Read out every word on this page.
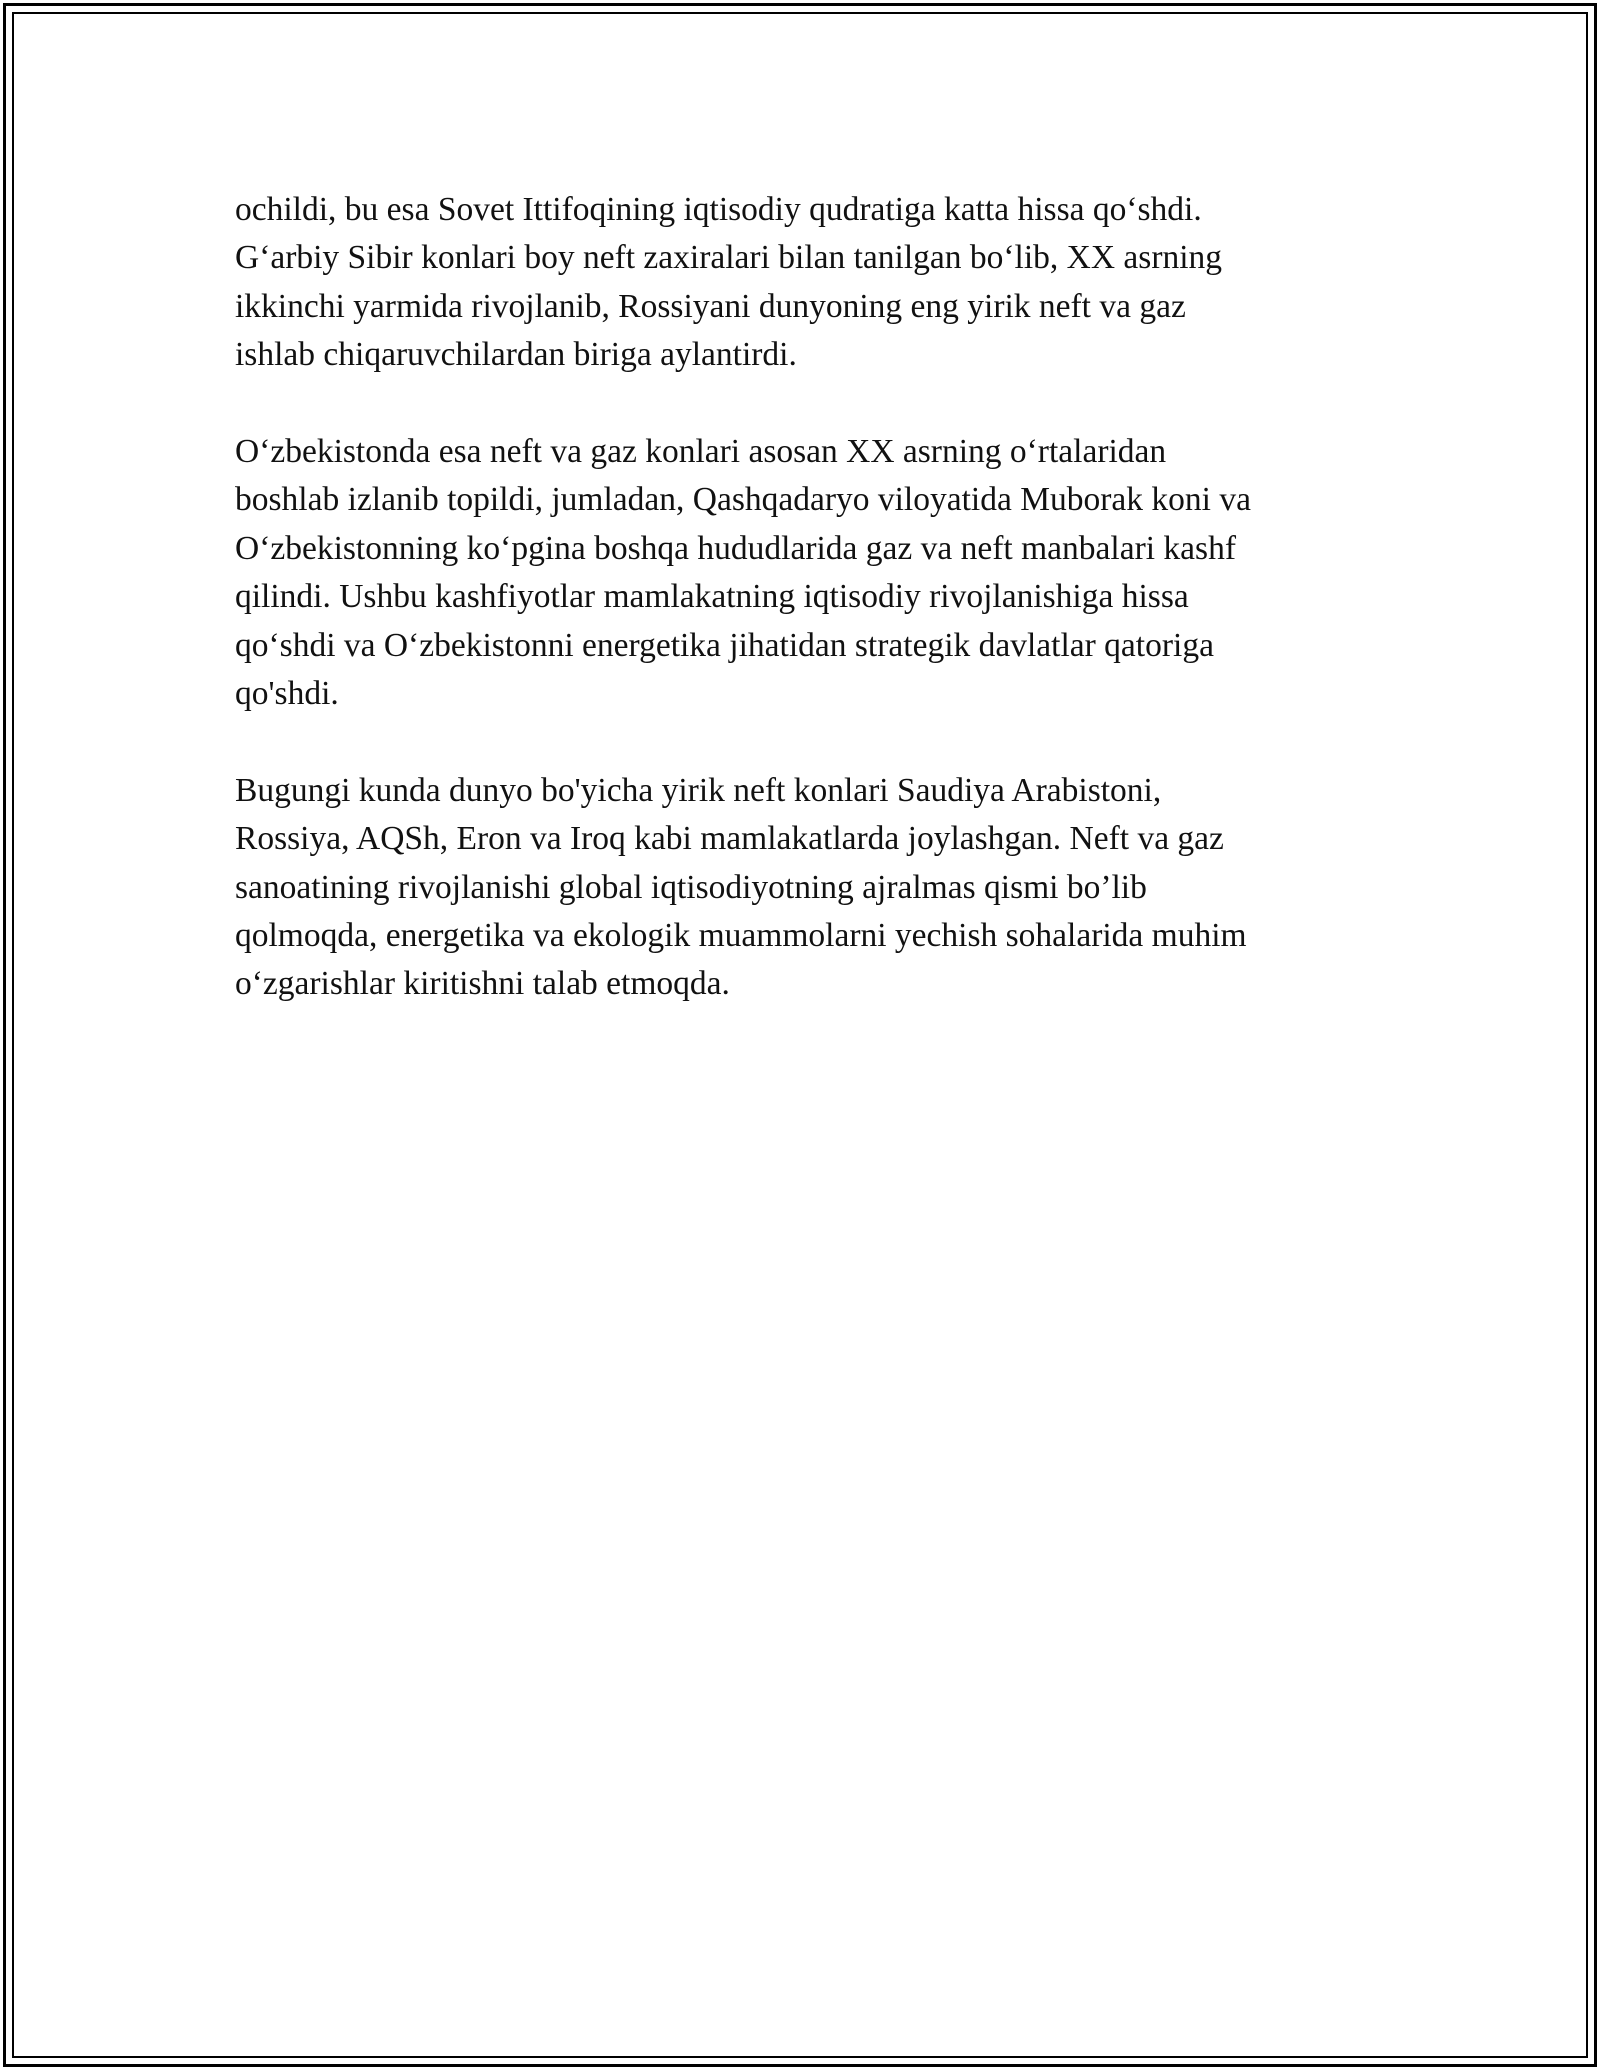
ochildi, bu esa Sovet Ittifoqining iqtisodiy qudratiga katta hissa qo‘shdi.
G‘arbiy Sibir konlari boy neft zaxiralari bilan tanilgan bo‘lib, XX asrning
ikkinchi yarmida rivojlanib, Rossiyani dunyoning eng yirik neft va gaz
ishlab chiqaruvchilardan biriga aylantirdi.

O‘zbekistonda esa neft va gaz konlari asosan XX asrning o‘rtalaridan
boshlab izlanib topildi, jumladan, Qashqadaryo viloyatida Muborak koni va
O‘zbekistonning ko‘pgina boshqa hududlarida gaz va neft manbalari kashf
qilindi. Ushbu kashfiyotlar mamlakatning iqtisodiy rivojlanishiga hissa
qo‘shdi va O‘zbekistonni energetika jihatidan strategik davlatlar qatoriga
qo'shdi.

Bugungi kunda dunyo bo'yicha yirik neft konlari Saudiya Arabistoni,
Rossiya, AQSh, Eron va Iroq kabi mamlakatlarda joylashgan. Neft va gaz
sanoatining rivojlanishi global iqtisodiyotning ajralmas qismi bo’lib
qolmoqda, energetika va ekologik muammolarni yechish sohalarida muhim
o‘zgarishlar kiritishni talab etmoqda.
